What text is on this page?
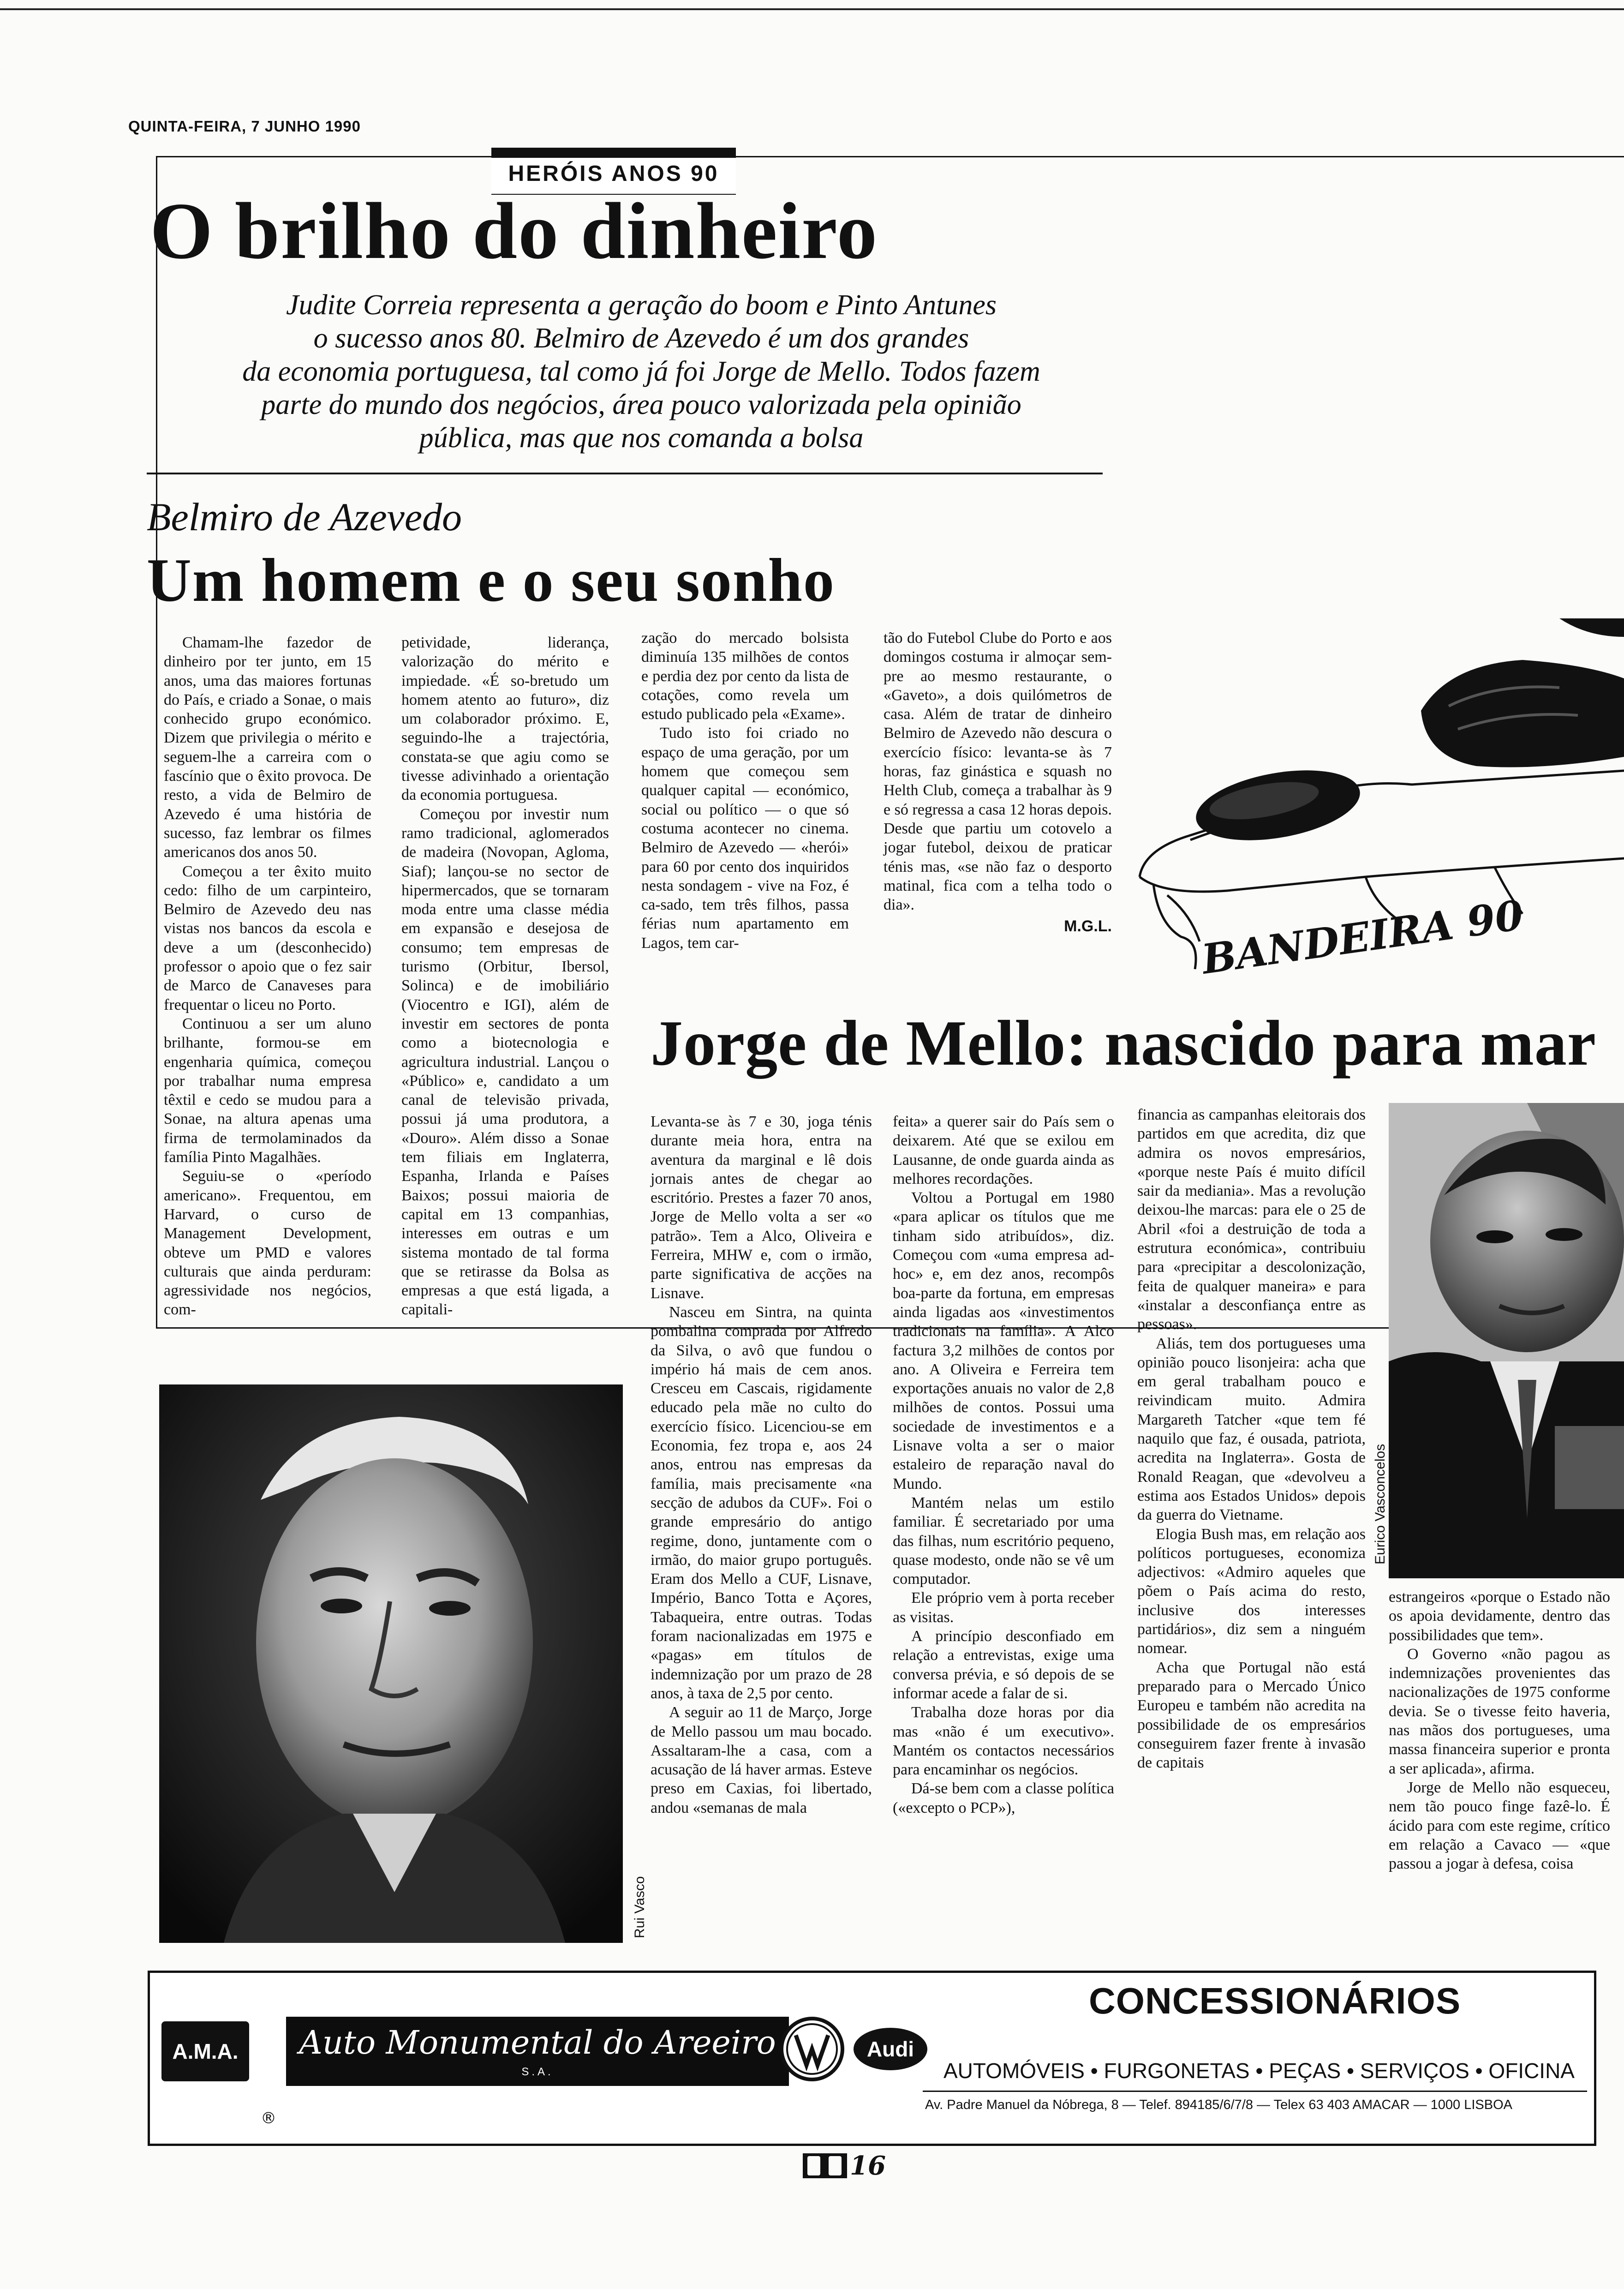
QUINTA-FEIRA, 7 JUNHO 1990
HERÓIS ANOS 90
O brilho do dinheiro

Judite Correia representa a geração do boom e Pinto Antunes

o sucesso anos 80. Belmiro de Azevedo é um dos grandes

da economia portuguesa, tal como já foi Jorge de Mello. Todos fazem

parte do mundo dos negócios, área pouco valorizada pela opinião

pública, mas que nos comanda a bolsa

Belmiro de Azevedo
Um homem e o seu sonho

Chamam-lhe fazedor de dinheiro por ter junto, em 15 anos, uma das maiores fortunas do País, e criado a Sonae, o mais conhecido grupo económico. Dizem que privilegia o mérito e seguem-lhe a carreira com o fascínio que o êxito provoca. De resto, a vida de Belmiro de Azevedo é uma história de sucesso, faz lembrar os filmes americanos dos anos 50.

Começou a ter êxito muito cedo: filho de um carpinteiro, Belmiro de Azevedo deu nas vistas nos bancos da escola e deve a um (desconhecido) professor o apoio que o fez sair de Marco de Canaveses para frequentar o liceu no Porto.

Continuou a ser um aluno brilhante, formou-se em engenharia química, começou por trabalhar numa empresa têxtil e cedo se mudou para a Sonae, na altura apenas uma firma de termolaminados da família Pinto Magalhães.

Seguiu-se o «período americano». Frequentou, em Harvard, o curso de Management Development, obteve um PMD e valores culturais que ainda perduram: agressividade nos negócios, com-

petividade, liderança, valorização do mérito e impiedade. «É so-bretudo um homem atento ao futuro», diz um colaborador próximo. E, seguindo-lhe a trajectória, constata-se que agiu como se tivesse adivinhado a orientação da economia portuguesa.

Começou por investir num ramo tradicional, aglomerados de madeira (Novopan, Agloma, Siaf); lançou-se no sector de hipermercados, que se tornaram moda entre uma classe média em expansão e desejosa de consumo; tem empresas de turismo (Orbitur, Ibersol, Solinca) e de imobiliário (Viocentro e IGI), além de investir em sectores de ponta como a biotecnologia e agricultura industrial. Lançou o «Público» e, candidato a um canal de televisão privada, possui já uma produtora, a «Douro». Além disso a Sonae tem filiais em Inglaterra, Espanha, Irlanda e Países Baixos; possui maioria de capital em 13 companhias, interesses em outras e um sistema montado de tal forma que se retirasse da Bolsa as empresas a que está ligada, a capitali-

zação do mercado bolsista diminuía 135 milhões de contos e perdia dez por cento da lista de cotações, como revela um estudo publicado pela «Exame».

Tudo isto foi criado no espaço de uma geração, por um homem que começou sem qualquer capital — económico, social ou político — o que só costuma acontecer no cinema. Belmiro de Azevedo — «herói» para 60 por cento dos inquiridos nesta sondagem - vive na Foz, é ca-sado, tem três filhos, passa férias num apartamento em Lagos, tem car-

tão do Futebol Clube do Porto e aos domingos costuma ir almoçar sem-pre ao mesmo restaurante, o «Gaveto», a dois quilómetros de casa. Além de tratar de dinheiro Belmiro de Azevedo não descura o exercício físico: levanta-se às 7 horas, faz ginástica e squash no Helth Club, começa a trabalhar às 9 e só regressa a casa 12 horas depois. Desde que partiu um cotovelo a jogar futebol, deixou de praticar ténis mas, «se não faz o desporto matinal, fica com a telha todo o dia».

M.G.L. BANDEIRA 90
Jorge de Mello: nascido para mar

Levanta-se às 7 e 30, joga ténis durante meia hora, entra na aventura da marginal e lê dois jornais antes de chegar ao escritório. Prestes a fazer 70 anos, Jorge de Mello volta a ser «o patrão». Tem a Alco, Oliveira e Ferreira, MHW e, com o irmão, parte significativa de acções na Lisnave.

Nasceu em Sintra, na quinta pombalina comprada por Alfredo da Silva, o avô que fundou o império há mais de cem anos. Cresceu em Cascais, rigidamente educado pela mãe no culto do exercício físico. Licenciou-se em Economia, fez tropa e, aos 24 anos, entrou nas empresas da família, mais precisamente «na secção de adubos da CUF». Foi o grande empresário do antigo regime, dono, juntamente com o irmão, do maior grupo português. Eram dos Mello a CUF, Lisnave, Império, Banco Totta e Açores, Tabaqueira, entre outras. Todas foram nacionalizadas em 1975 e «pagas» em títulos de indemnização por um prazo de 28 anos, à taxa de 2,5 por cento.

A seguir ao 11 de Março, Jorge de Mello passou um mau bocado. Assaltaram-lhe a casa, com a acusação de lá haver armas. Esteve preso em Caxias, foi libertado, andou «semanas de mala

feita» a querer sair do País sem o deixarem. Até que se exilou em Lausanne, de onde guarda ainda as melhores recordações.

Voltou a Portugal em 1980 «para aplicar os títulos que me tinham sido atribuídos», diz. Começou com «uma empresa ad-hoc» e, em dez anos, recompôs boa-parte da fortuna, em empresas ainda ligadas aos «investimentos tradicionais na família». A Alco factura 3,2 milhões de contos por ano. A Oliveira e Ferreira tem exportações anuais no valor de 2,8 milhões de contos. Possui uma sociedade de investimentos e a Lisnave volta a ser o maior estaleiro de reparação naval do Mundo.

Mantém nelas um estilo familiar. É secretariado por uma das filhas, num escritório pequeno, quase modesto, onde não se vê um computador.

Ele próprio vem à porta receber as visitas.

A princípio desconfiado em relação a entrevistas, exige uma conversa prévia, e só depois de se informar acede a falar de si.

Trabalha doze horas por dia mas «não é um executivo». Mantém os contactos necessários para encaminhar os negócios.

Dá-se bem com a classe política («excepto o PCP»),

financia as campanhas eleitorais dos partidos em que acredita, diz que admira os novos empresários, «porque neste País é muito difícil sair da mediania». Mas a revolução deixou-lhe marcas: para ele o 25 de Abril «foi a destruição de toda a estrutura económica», contribuiu para «precipitar a descolonização, feita de qualquer maneira» e para «instalar a desconfiança entre as pessoas».

Aliás, tem dos portugueses uma opinião pouco lisonjeira: acha que em geral trabalham pouco e reivindicam muito. Admira Margareth Tatcher «que tem fé naquilo que faz, é ousada, patriota, acredita na Inglaterra». Gosta de Ronald Reagan, que «devolveu a estima aos Estados Unidos» depois da guerra do Vietname.

Elogia Bush mas, em relação aos políticos portugueses, economiza adjectivos: «Admiro aqueles que põem o País acima do resto, inclusive dos interesses partidários», diz sem a ninguém nomear.

Acha que Portugal não está preparado para o Mercado Único Europeu e também não acredita na possibilidade de os empresários conseguirem fazer frente à invasão de capitais

estrangeiros «porque o Estado não os apoia devidamente, dentro das possibilidades que tem».

O Governo «não pagou as indemnizações provenientes das nacionalizações de 1975 conforme devia. Se o tivesse feito haveria, nas mãos dos portugueses, uma massa financeira superior e pronta a ser aplicada», afirma.

Jorge de Mello não esqueceu, nem tão pouco finge fazê-lo. É ácido para com este regime, crítico em relação a Cavaco — «que passou a jogar à defesa, coisa

Rui Vasco
Eurico Vasconcelos
A.M.A.
®
Auto Monumental do Areeiro
S.A.
VW
Audi
CONCESSIONÁRIOS
AUTOMÓVEIS • FURGONETAS • PEÇAS • SERVIÇOS • OFICINA
Av. Padre Manuel da Nóbrega, 8 — Telef. 894185/6/7/8 — Telex 63 403 AMACAR — 1000 LISBOA
16
